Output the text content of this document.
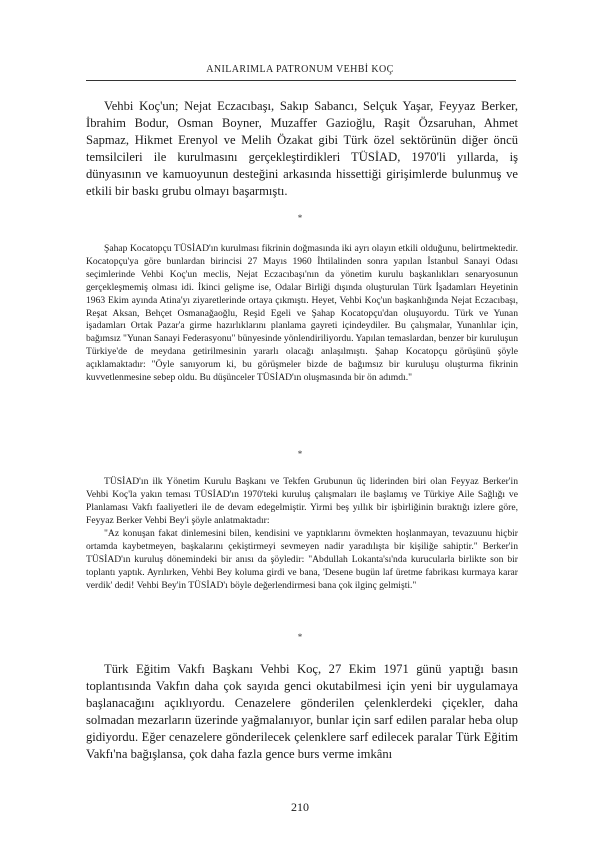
ANILARIMLA PATRONUM VEHBİ KOÇ

Vehbi Koç'un; Nejat Eczacıbaşı, Sakıp Sabancı, Selçuk Yaşar, Feyyaz Berker, İbrahim Bodur, Osman Boyner, Muzaffer Gazioğlu, Raşit Özsaruhan, Ahmet Sapmaz, Hikmet Erenyol ve Melih Özakat gibi Türk özel sektörünün diğer öncü temsilcileri ile kurulmasını gerçekleştirdikleri TÜSİAD, 1970'li yıllarda, iş dünyasının ve kamuoyunun desteğini arkasında hissettiği girişimlerde bulunmuş ve etkili bir baskı grubu olmayı başarmıştı.

*

Şahap Kocatopçu TÜSİAD'ın kurulması fikrinin doğmasında iki ayrı olayın etkili olduğunu, belirtmektedir. Kocatopçu'ya göre bunlardan birincisi 27 Mayıs 1960 İhtilalinden sonra yapılan İstanbul Sanayi Odası seçimlerinde Vehbi Koç'un meclis, Nejat Eczacıbaşı'nın da yönetim kurulu başkanlıkları senaryosunun gerçekleşmemiş olması idi. İkinci gelişme ise, Odalar Birliği dışında oluşturulan Türk İşadamları Heyetinin 1963 Ekim ayında Atina'yı ziyaretlerinde ortaya çıkmıştı. Heyet, Vehbi Koç'un başkanlığında Nejat Eczacıbaşı, Reşat Aksan, Behçet Osmanağaoğlu, Reşid Egeli ve Şahap Kocatopçu'dan oluşuyordu. Türk ve Yunan işadamları Ortak Pazar'a girme hazırlıklarını planlama gayreti içindeydiler. Bu çalışmalar, Yunanlılar için, bağımsız "Yunan Sanayi Federasyonu" bünyesinde yönlendiriliyordu. Yapılan temaslardan, benzer bir kuruluşun Türkiye'de de meydana getirilmesinin yararlı olacağı anlaşılmıştı. Şahap Kocatopçu görüşünü şöyle açıklamaktadır: "Öyle sanıyorum ki, bu görüşmeler bizde de bağımsız bir kuruluşu oluşturma fikrinin kuvvetlenmesine sebep oldu. Bu düşünceler TÜSİAD'ın oluşmasında bir ön adımdı."

*

TÜSİAD'ın ilk Yönetim Kurulu Başkanı ve Tekfen Grubunun üç liderinden biri olan Feyyaz Berker'in Vehbi Koç'la yakın teması TÜSİAD'ın 1970'teki kuruluş çalışmaları ile başlamış ve Türkiye Aile Sağlığı ve Planlaması Vakfı faaliyetleri ile de devam edegelmiştir. Yirmi beş yıllık bir işbirliğinin bıraktığı izlere göre, Feyyaz Berker Vehbi Bey'i şöyle anlatmaktadır:

"Az konuşan fakat dinlemesini bilen, kendisini ve yaptıklarını övmekten hoşlanmayan, tevazuunu hiçbir ortamda kaybetmeyen, başkalarını çekiştirmeyi sevmeyen nadir yaradılışta bir kişiliğe sahiptir." Berker'in TÜSİAD'ın kuruluş dönemindeki bir anısı da şöyledir: "Abdullah Lokanta'sı'nda kurucularla birlikte son bir toplantı yaptık. Ayrılırken, Vehbi Bey koluma girdi ve bana, 'Desene bugün laf üretme fabrikası kurmaya karar verdik' dedi! Vehbi Bey'in TÜSİAD'ı böyle değerlendirmesi bana çok ilginç gelmişti."

*

Türk Eğitim Vakfı Başkanı Vehbi Koç, 27 Ekim 1971 günü yaptığı basın toplantısında Vakfın daha çok sayıda genci okutabilmesi için yeni bir uygulamaya başlanacağını açıklıyordu. Cenazelere gönderilen çelenklerdeki çiçekler, daha solmadan mezarların üzerinde yağmalanıyor, bunlar için sarf edilen paralar heba olup gidiyordu. Eğer cenazelere gönderilecek çelenklere sarf edilecek paralar Türk Eğitim Vakfı'na bağışlansa, çok daha fazla gence burs verme imkânı

210
